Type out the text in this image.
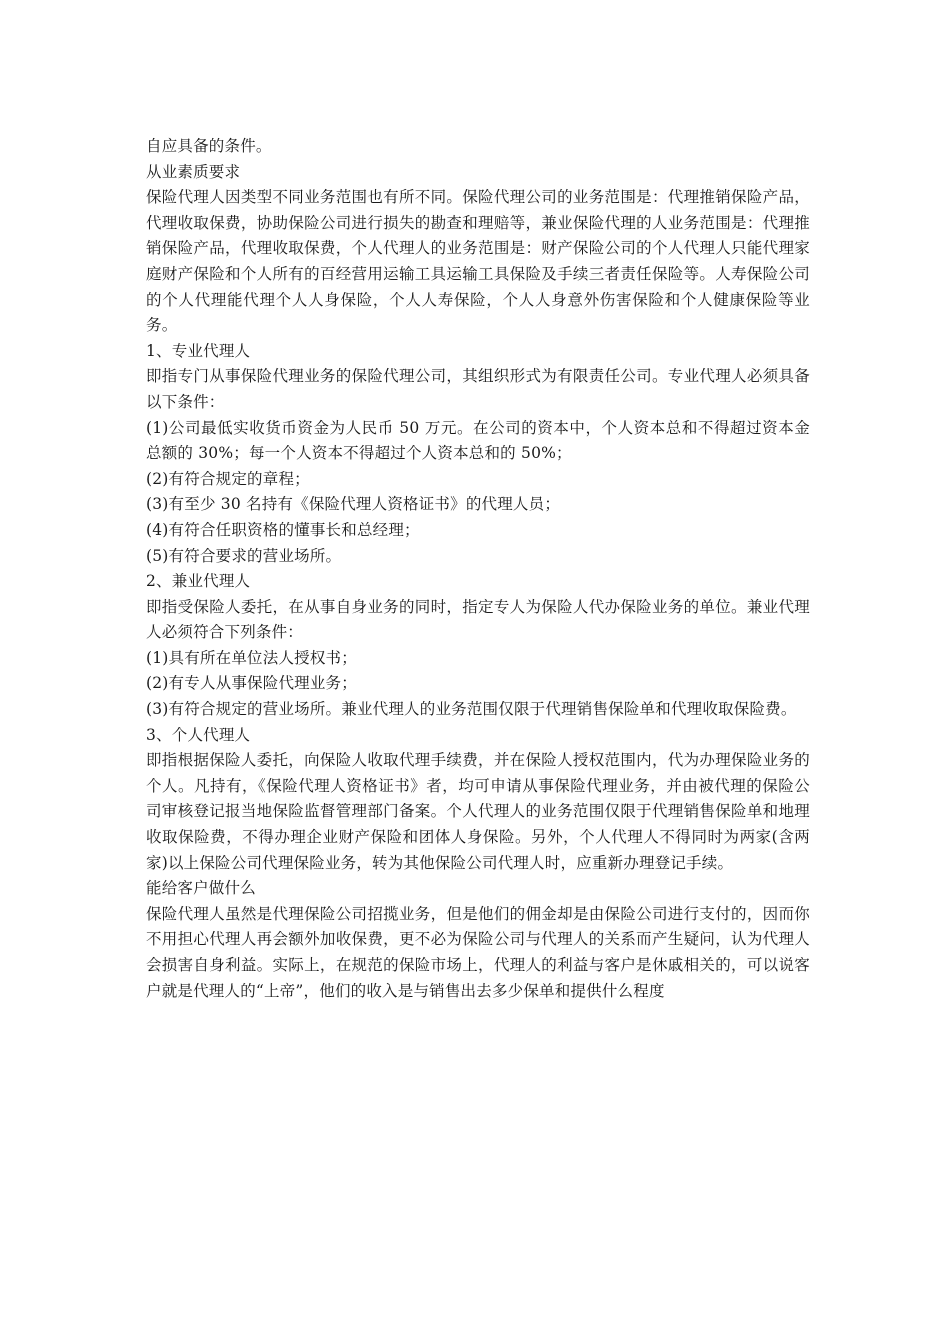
自应具备的条件。

从业素质要求

保险代理人因类型不同业务范围也有所不同。保险代理公司的业务范围是：代理推销保险产品，代理收取保费，协助保险公司进行损失的勘查和理赔等，兼业保险代理的人业务范围是：代理推销保险产品，代理收取保费，个人代理人的业务范围是：财产保险公司的个人代理人只能代理家庭财产保险和个人所有的百经营用运输工具运输工具保险及手续三者责任保险等。人寿保险公司的个人代理能代理个人人身保险，个人人寿保险，个人人身意外伤害保险和个人健康保险等业务。

1、专业代理人

即指专门从事保险代理业务的保险代理公司，其组织形式为有限责任公司。专业代理人必须具备以下条件：

(1)公司最低实收货币资金为人民币 50 万元。在公司的资本中，个人资本总和不得超过资本金总额的 30%；每一个人资本不得超过个人资本总和的 50%；

(2)有符合规定的章程；

(3)有至少 30 名持有《保险代理人资格证书》的代理人员；

(4)有符合任职资格的懂事长和总经理；

(5)有符合要求的营业场所。

2、兼业代理人

即指受保险人委托，在从事自身业务的同时，指定专人为保险人代办保险业务的单位。兼业代理人必须符合下列条件：

(1)具有所在单位法人授权书；

(2)有专人从事保险代理业务；

(3)有符合规定的营业场所。兼业代理人的业务范围仅限于代理销售保险单和代理收取保险费。

3、个人代理人

即指根据保险人委托，向保险人收取代理手续费，并在保险人授权范围内，代为办理保险业务的个人。凡持有，《保险代理人资格证书》者，均可申请从事保险代理业务，并由被代理的保险公司审核登记报当地保险监督管理部门备案。个人代理人的业务范围仅限于代理销售保险单和地理收取保险费，不得办理企业财产保险和团体人身保险。另外，个人代理人不得同时为两家(含两家)以上保险公司代理保险业务，转为其他保险公司代理人时，应重新办理登记手续。

能给客户做什么

保险代理人虽然是代理保险公司招揽业务，但是他们的佣金却是由保险公司进行支付的，因而你不用担心代理人再会额外加收保费，更不必为保险公司与代理人的关系而产生疑问，认为代理人会损害自身利益。实际上，在规范的保险市场上，代理人的利益与客户是休戚相关的，可以说客户就是代理人的“上帝”，他们的收入是与销售出去多少保单和提供什么程度
